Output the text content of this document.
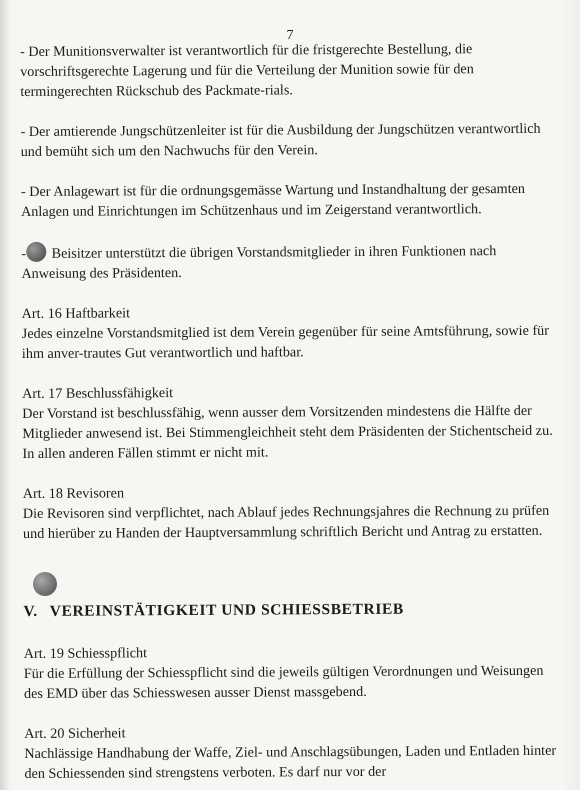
7

- Der Munitionsverwalter ist verantwortlich für die fristgerechte Bestellung, die vorschriftsgerechte Lagerung und für die Verteilung der Munition sowie für den termingerechten Rückschub des Packmate-rials.

- Der amtierende Jungschützenleiter ist für die Ausbildung der Jungschützen verantwortlich und bemüht sich um den Nachwuchs für den Verein.

- Der Anlagewart ist für die ordnungsgemässe Wartung und Instandhaltung der gesamten Anlagen und Einrichtungen im Schützenhaus und im Zeigerstand verantwortlich.

- Beisitzer unterstützt die übrigen Vorstandsmitglieder in ihren Funktionen nach Anweisung des Präsidenten.

Art. 16 Haftbarkeit

Jedes einzelne Vorstandsmitglied ist dem Verein gegenüber für seine Amtsführung, sowie für ihm anver-trautes Gut verantwortlich und haftbar.

Art. 17 Beschlussfähigkeit

Der Vorstand ist beschlussfähig, wenn ausser dem Vorsitzenden mindestens die Hälfte der Mitglieder anwesend ist. Bei Stimmengleichheit steht dem Präsidenten der Stichentscheid zu. In allen anderen Fällen stimmt er nicht mit.

Art. 18 Revisoren

Die Revisoren sind verpflichtet, nach Ablauf jedes Rechnungsjahres die Rechnung zu prüfen und hierüber zu Handen der Hauptversammlung schriftlich Bericht und Antrag zu erstatten.

V. VEREINSTÄTIGKEIT UND SCHIESSBETRIEB
Art. 19 Schiesspflicht

Für die Erfüllung der Schiesspflicht sind die jeweils gültigen Verordnungen und Weisungen des EMD über das Schiesswesen ausser Dienst massgebend.

Art. 20 Sicherheit

Nachlässige Handhabung der Waffe, Ziel- und Anschlagsübungen, Laden und Entladen hinter den Schiessenden sind strengstens verboten. Es darf nur vor der
